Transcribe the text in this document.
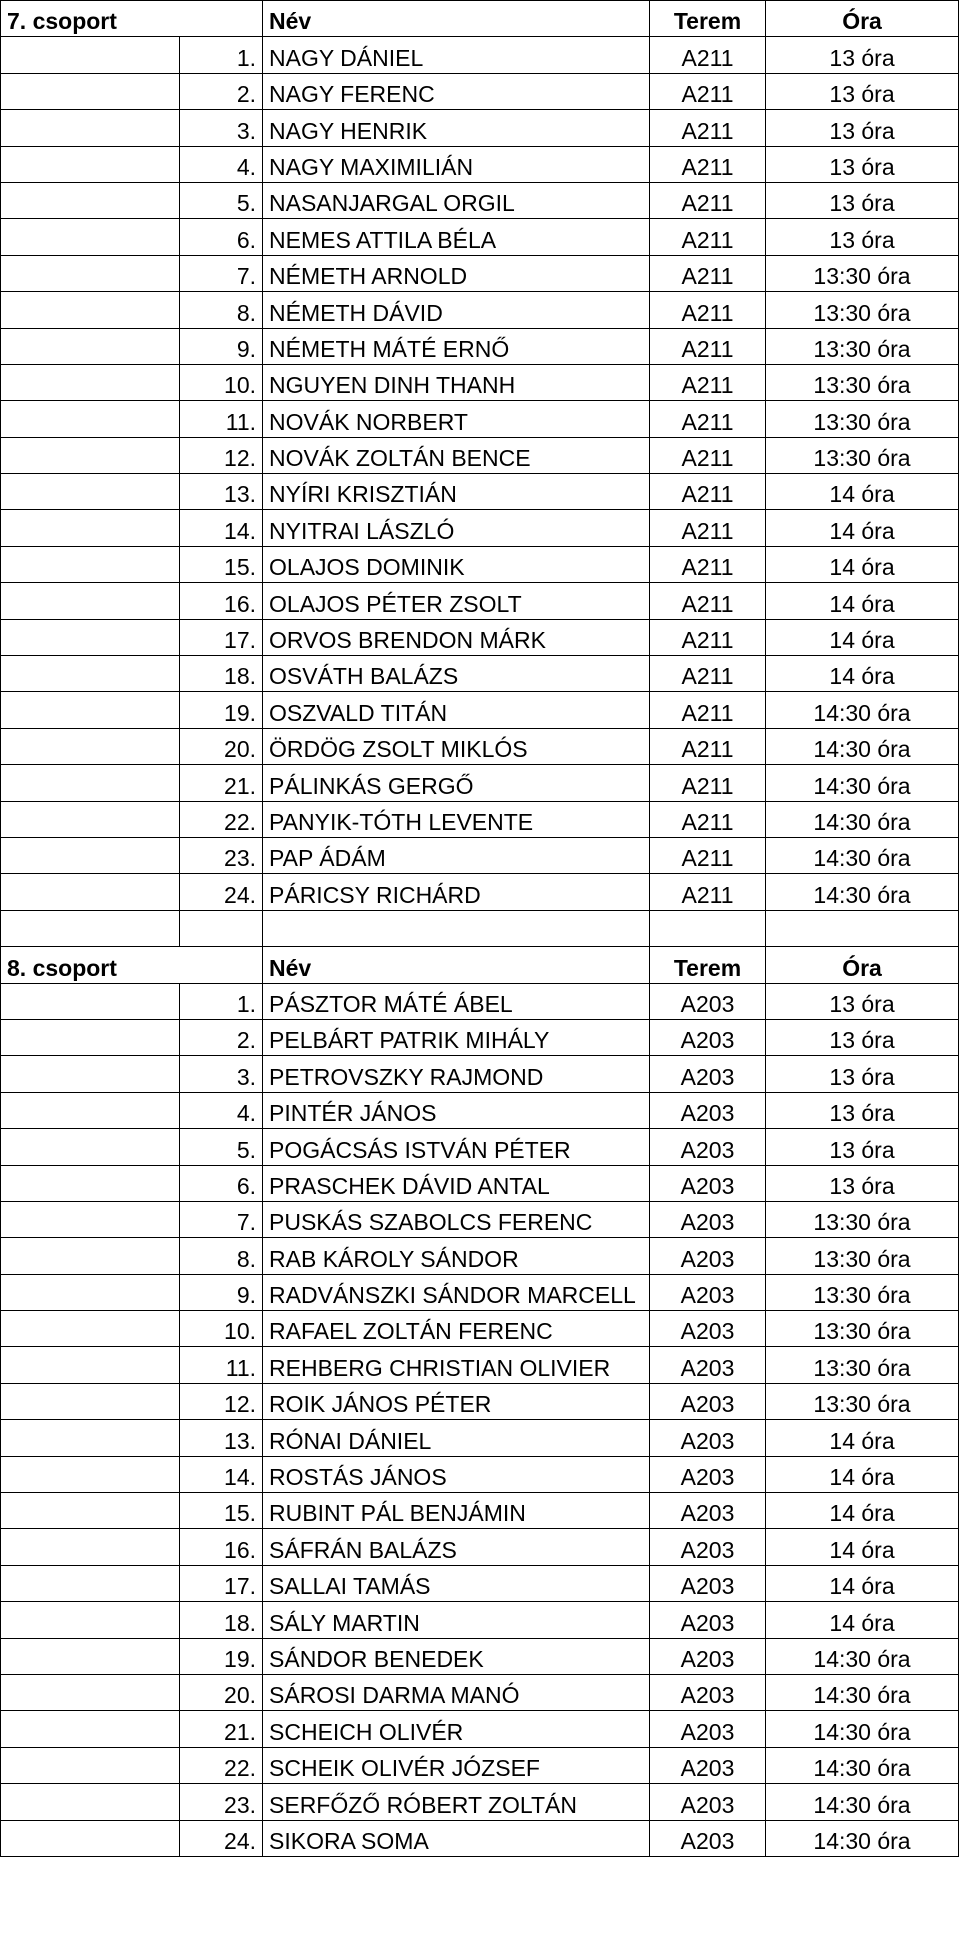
7. csoport		Név	Terem	Óra
	1.	NAGY DÁNIEL	A211	13 óra
	2.	NAGY FERENC	A211	13 óra
	3.	NAGY HENRIK	A211	13 óra
	4.	NAGY MAXIMILIÁN	A211	13 óra
	5.	NASANJARGAL ORGIL	A211	13 óra
	6.	NEMES ATTILA BÉLA	A211	13 óra
	7.	NÉMETH ARNOLD	A211	13:30 óra
	8.	NÉMETH DÁVID	A211	13:30 óra
	9.	NÉMETH MÁTÉ ERNŐ	A211	13:30 óra
	10.	NGUYEN DINH THANH	A211	13:30 óra
	11.	NOVÁK NORBERT	A211	13:30 óra
	12.	NOVÁK ZOLTÁN BENCE	A211	13:30 óra
	13.	NYÍRI KRISZTIÁN	A211	14 óra
	14.	NYITRAI LÁSZLÓ	A211	14 óra
	15.	OLAJOS DOMINIK	A211	14 óra
	16.	OLAJOS PÉTER ZSOLT	A211	14 óra
	17.	ORVOS BRENDON MÁRK	A211	14 óra
	18.	OSVÁTH BALÁZS	A211	14 óra
	19.	OSZVALD TITÁN	A211	14:30 óra
	20.	ÖRDÖG ZSOLT MIKLÓS	A211	14:30 óra
	21.	PÁLINKÁS GERGŐ	A211	14:30 óra
	22.	PANYIK-TÓTH LEVENTE	A211	14:30 óra
	23.	PAP ÁDÁM	A211	14:30 óra
	24.	PÁRICSY RICHÁRD	A211	14:30 óra

8. csoport		Név	Terem	Óra
	1.	PÁSZTOR MÁTÉ ÁBEL	A203	13 óra
	2.	PELBÁRT PATRIK MIHÁLY	A203	13 óra
	3.	PETROVSZKY RAJMOND	A203	13 óra
	4.	PINTÉR JÁNOS	A203	13 óra
	5.	POGÁCSÁS ISTVÁN PÉTER	A203	13 óra
	6.	PRASCHEK DÁVID ANTAL	A203	13 óra
	7.	PUSKÁS SZABOLCS FERENC	A203	13:30 óra
	8.	RAB KÁROLY SÁNDOR	A203	13:30 óra
	9.	RADVÁNSZKI SÁNDOR MARCELL	A203	13:30 óra
	10.	RAFAEL ZOLTÁN FERENC	A203	13:30 óra
	11.	REHBERG CHRISTIAN OLIVIER	A203	13:30 óra
	12.	ROIK JÁNOS PÉTER	A203	13:30 óra
	13.	RÓNAI DÁNIEL	A203	14 óra
	14.	ROSTÁS JÁNOS	A203	14 óra
	15.	RUBINT PÁL BENJÁMIN	A203	14 óra
	16.	SÁFRÁN BALÁZS	A203	14 óra
	17.	SALLAI TAMÁS	A203	14 óra
	18.	SÁLY MARTIN	A203	14 óra
	19.	SÁNDOR BENEDEK	A203	14:30 óra
	20.	SÁROSI DARMA MANÓ	A203	14:30 óra
	21.	SCHEICH OLIVÉR	A203	14:30 óra
	22.	SCHEIK OLIVÉR JÓZSEF	A203	14:30 óra
	23.	SERFŐZŐ RÓBERT ZOLTÁN	A203	14:30 óra
	24.	SIKORA SOMA	A203	14:30 óra
